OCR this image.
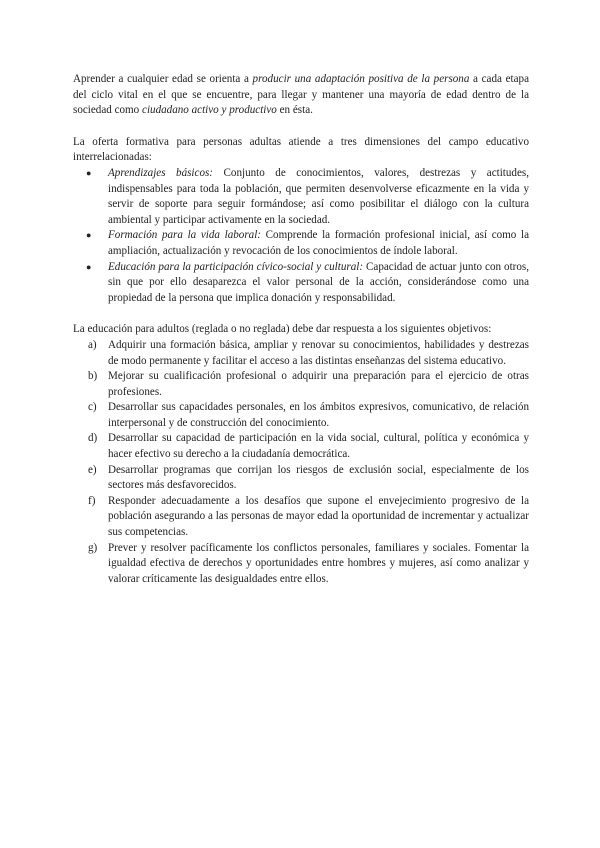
Aprender a cualquier edad se orienta a producir una adaptación positiva de la persona a cada etapa del ciclo vital en el que se encuentre, para llegar y mantener una mayoría de edad dentro de la sociedad como ciudadano activo y productivo en ésta.

La oferta formativa para personas adultas atiende a tres dimensiones del campo educativo interrelacionadas:

● Aprendizajes básicos: Conjunto de conocimientos, valores, destrezas y actitudes, indispensables para toda la población, que permiten desenvolverse eficazmente en la vida y servir de soporte para seguir formándose; así como posibilitar el diálogo con la cultura ambiental y participar activamente en la sociedad.
● Formación para la vida laboral: Comprende la formación profesional inicial, así como la ampliación, actualización y revocación de los conocimientos de índole laboral.
● Educación para la participación cívico-social y cultural: Capacidad de actuar junto con otros, sin que por ello desaparezca el valor personal de la acción, considerándose como una propiedad de la persona que implica donación y responsabilidad.

La educación para adultos (reglada o no reglada) debe dar respuesta a los siguientes objetivos:

a) Adquirir una formación básica, ampliar y renovar su conocimientos, habilidades y destrezas de modo permanente y facilitar el acceso a las distintas enseñanzas del sistema educativo.
b) Mejorar su cualificación profesional o adquirir una preparación para el ejercicio de otras profesiones.
c) Desarrollar sus capacidades personales, en los ámbitos expresivos, comunicativo, de relación interpersonal y de construcción del conocimiento.
d) Desarrollar su capacidad de participación en la vida social, cultural, política y económica y hacer efectivo su derecho a la ciudadanía democrática.
e) Desarrollar programas que corrijan los riesgos de exclusión social, especialmente de los sectores más desfavorecidos.
f) Responder adecuadamente a los desafíos que supone el envejecimiento progresivo de la población asegurando a las personas de mayor edad la oportunidad de incrementar y actualizar sus competencias.
g) Prever y resolver pacíficamente los conflictos personales, familiares y sociales. Fomentar la igualdad efectiva de derechos y oportunidades entre hombres y mujeres, así como analizar y valorar críticamente las desigualdades entre ellos.
